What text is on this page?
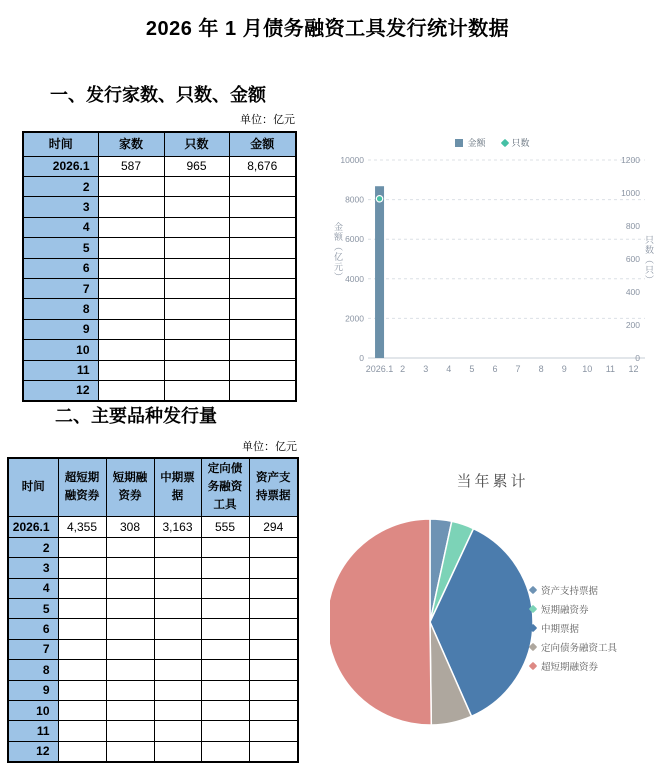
2026 年 1 月债务融资工具发行统计数据
一、发行家数、只数、金额
单位：亿元
时间	家数	只数	金额
2026.1	587	965	8,676
2			
3			
4			
5			
6			
7			
8			
9			
10			
11			
12			
金额	只数
0
2000
4000
6000
8000
10000
0
200
400
600
800
1000
1200
2026.1 2 3 4 5 6 7 8 9 10 11 12
金额（亿元）	只数（只）
二、主要品种发行量
单位：亿元
时间	超短期融资券	短期融资券	中期票据	定向债务融资工具	资产支持票据
2026.1	4,355	308	3,163	555	294
2					
3					
4					
5					
6					
7					
8					
9					
10					
11					
12					
当年累计
资产支持票据
短期融资券
中期票据
定向债务融资工具
超短期融资券
